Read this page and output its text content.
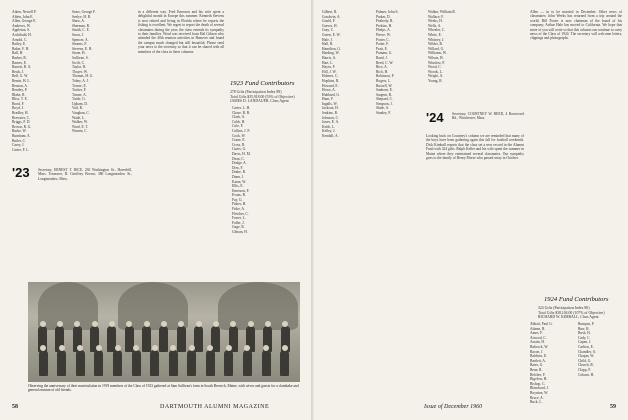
Aiken, Newell P.
Alden, John E.
Allen, George E.
Andrews, W.
Appleton, S.
Archibald, H.
Arnold, C.
Bailey, E.
Baker, F. H.
Ball, H.
Barker, R.
Barnes, E.
Barrett, R. A.
Beals, J.
Bell, G. W.
Bemis, H. L.
Benson, A.
Bentley, P.
Blake, R.
Bliss, T. E.
Bond, F.
Boyd, J.
Bradley, H.
Brewster, C.
Briggs, F. D.
Brown, R. G.
Burke, W.
Burnham, A.
Butler, C.
Carey, J.
Carter, F. L.
Sears, George F.
Seelye, H. R.
Shaw, A.
Sherman, R.
Smith, C. E.
Snow, J.
Spencer, A.
Stearns, F.
Stevens, E. B.
Stone, H.
Sullivan, S.
Swift, C.
Taylor, R.
Thayer, W.
Thomas, H. G.
Tobey, A. J.
Towne, E.
Tucker, F.
Turner, A.
Tuttle, G.
Upham, D.
Vail, R.
Vaughan, C.
Wade, L.
Walker, W.
Ward, E. T.
Warren, C.
'23 Secretary, ERNEST T. RICE, 230 Washington St., Haverhill, Mass. Treasurer, R. Geoffrey Brown, 380 Longmeadow St., Longmeadow, Mass.
in a different way. Fred Emerson and his wife spent a delightful month in Europe this summer. Kenneth Stevens is now retired and living in Florida where he reports the fishing is excellent. We regret to report the death of several classmates during the year; the class extends its sympathy to their families. Word was received from Hal Gibson who attended the 40th reunion activities in Hanover and found the campus much changed but still beautiful. Please send your news to the secretary so that it can be shared with all members of the class in these columns.
1923 Fund Contributors
278 Gifts (Participation Index 88)
Total Gifts $35,918.00 (53% of Objective)
JAMES D. LANDAUER, Class Agent
Carter, L. H.
Chase, R. B.
Clark, A.
Cobb, H.
Cole, F.
Collins, J. P.
Cook, W.
Crane, E.
Cross, R.
Curtis, G.
Davis, H. M.
Dean, C.
Dodge, A.
Dow, F.
Drake, R.
Dunn, J.
Eaton, W.
Ellis, E.
Emerson, F.
Evans, R.
Fay, G.
Fisher, H.
Fiske, A.
Fletcher, C.
Foster, L.
Fuller, J.
Gage, R.
Gibson, H.
Observing the anniversary of their matriculation in 1919 members of the Class of 1923 gathered at Sam Sullivan's farm in South Berwick, Maine, with wives and guests for a clambake and general reunion of old friends.
58	DARTMOUTH ALUMNI MAGAZINE
Gilbert, R.
Goodwin, A.
Gould, F.
Graves, H.
Gray, C.
Green, E. W.
Hale, J.
Hall, R.
Hamilton, G.
Harding, W.
Harris, A.
Hart, L.
Hayes, F.
Hill, J. W.
Holmes, C.
Hopkins, R.
Howard, E.
Howe, A.
Hubbard, G.
Hunt, F.
Ingalls, W.
Jackson, H.
Jenkins, R.
Johnson, C.
Jones, E. A.
Keith, L.
Kelley, J.
Kendall, A.
Palmer, John S.
Parker, D.
Peabody, R.
Perkins, H.
Phelps, A.
Pierce, W.
Porter, C.
Potter, F.
Pratt, E.
Putnam, G.
Rand, J.
Reed, C. W.
Rice, A.
Rich, H.
Robinson, F.
Rogers, L.
Russell, W.
Sanborn, E.
Sargent, R.
Shepard, C.
Simpson, J.
Slade, A.
Stanley, F.
Walker, William R.
Wallace, F.
Weeks, H.
Wells, A.
Wheeler, C.
White, E.
Whitney, J.
Wilder, R.
Willard, G.
Williams, W.
Wilson, H.
Winslow, F.
Wood, C.
Woods, L.
Wright, A.
Young, R.
'24 Secretary, COURTNEY W. REED, 4 Rosewood Rd., Winchester, Mass.
Looking back on Courtney's column we are reminded that many of the boys have been gathering again this fall for football weekends. Dick Kimball reports that the class set a new record in the Alumni Fund with 324 gifts. Ralph Keller and his wife spent the summer in Maine where they entertained several classmates. Our sympathy goes to the family of Henry Morse who passed away in October.
Allen — in to be married in December. Other news of classmates: John Weeks has returned from a trip around the world; Bill Foster is now chairman of the board of his company; Arthur Hale has moved to California. We hope that more of you will write so that this column can continue to carry news of the Class of 1924. The secretary will welcome letters, clippings and photographs.
1924 Fund Contributors
324 Gifts (Participation Index 86)
Total Gifts $38,104.00 (107% of Objective)
RICHARD W. KIMBALL, Class Agent
Abbott, Paul G.
Adams, R.
Ames, F.
Atwood, C.
Austin, H.
Babcock, W.
Bacon, J.
Baldwin, E.
Bartlett, A.
Bates, G.
Bean, R.
Belcher, F.
Bigelow, H.
Bishop, C.
Blanchard, J.
Boynton, W.
Bruce, A.
Buck, L.
Bumpus, F.
Burr, R.
Bush, H.
Cady, C.
Capen, J.
Carlton, E.
Chandler, A.
Chapin, W.
Child, G.
Church, R.
Clapp, F.
Coburn, H.
Issue of December 1960	59
